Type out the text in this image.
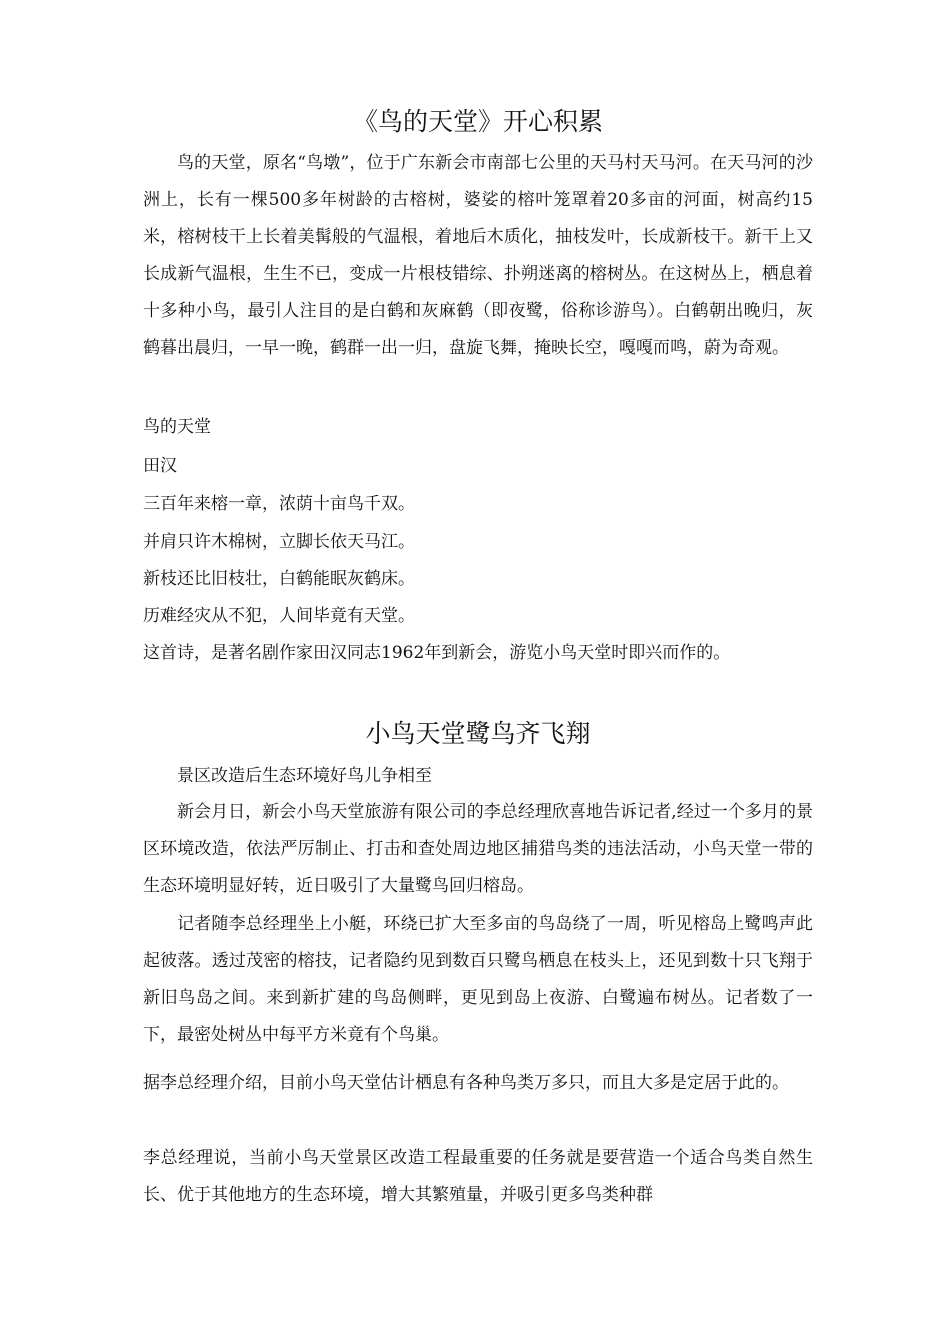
《鸟的天堂》开心积累
鸟的天堂，原名“鸟墩”，位于广东新会市南部七公里的天马村天马河。在天马河的沙洲上，长有一棵500多年树龄的古榕树，婆娑的榕叶笼罩着20多亩的河面，树高约15米，榕树枝干上长着美髯般的气温根，着地后木质化，抽枝发叶，长成新枝干。新干上又长成新气温根，生生不已，变成一片根枝错综、扑朔迷离的榕树丛。在这树丛上，栖息着十多种小鸟，最引人注目的是白鹤和灰麻鹤（即夜鹭，俗称诊游鸟）。白鹤朝出晚归，灰鹤暮出晨归，一早一晚，鹤群一出一归，盘旋飞舞，掩映长空，嘎嘎而鸣，蔚为奇观。
鸟的天堂
田汉
三百年来榕一章，浓荫十亩鸟千双。
并肩只许木棉树，立脚长依天马江。
新枝还比旧枝壮，白鹤能眠灰鹤床。
历难经灾从不犯，人间毕竟有天堂。
这首诗，是著名剧作家田汉同志1962年到新会，游览小鸟天堂时即兴而作的。
小鸟天堂鹭鸟齐飞翔
景区改造后生态环境好鸟儿争相至
新会月日，新会小鸟天堂旅游有限公司的李总经理欣喜地告诉记者,经过一个多月的景区环境改造，依法严厉制止、打击和查处周边地区捕猎鸟类的违法活动，小鸟天堂一带的生态环境明显好转，近日吸引了大量鹭鸟回归榕岛。
记者随李总经理坐上小艇，环绕已扩大至多亩的鸟岛绕了一周，听见榕岛上鹭鸣声此起彼落。透过茂密的榕技，记者隐约见到数百只鹭鸟栖息在枝头上，还见到数十只飞翔于新旧鸟岛之间。来到新扩建的鸟岛侧畔，更见到岛上夜游、白鹭遍布树丛。记者数了一下，最密处树丛中每平方米竟有个鸟巢。
据李总经理介绍，目前小鸟天堂估计栖息有各种鸟类万多只，而且大多是定居于此的。
李总经理说，当前小鸟天堂景区改造工程最重要的任务就是要营造一个适合鸟类自然生长、优于其他地方的生态环境，增大其繁殖量，并吸引更多鸟类种群
